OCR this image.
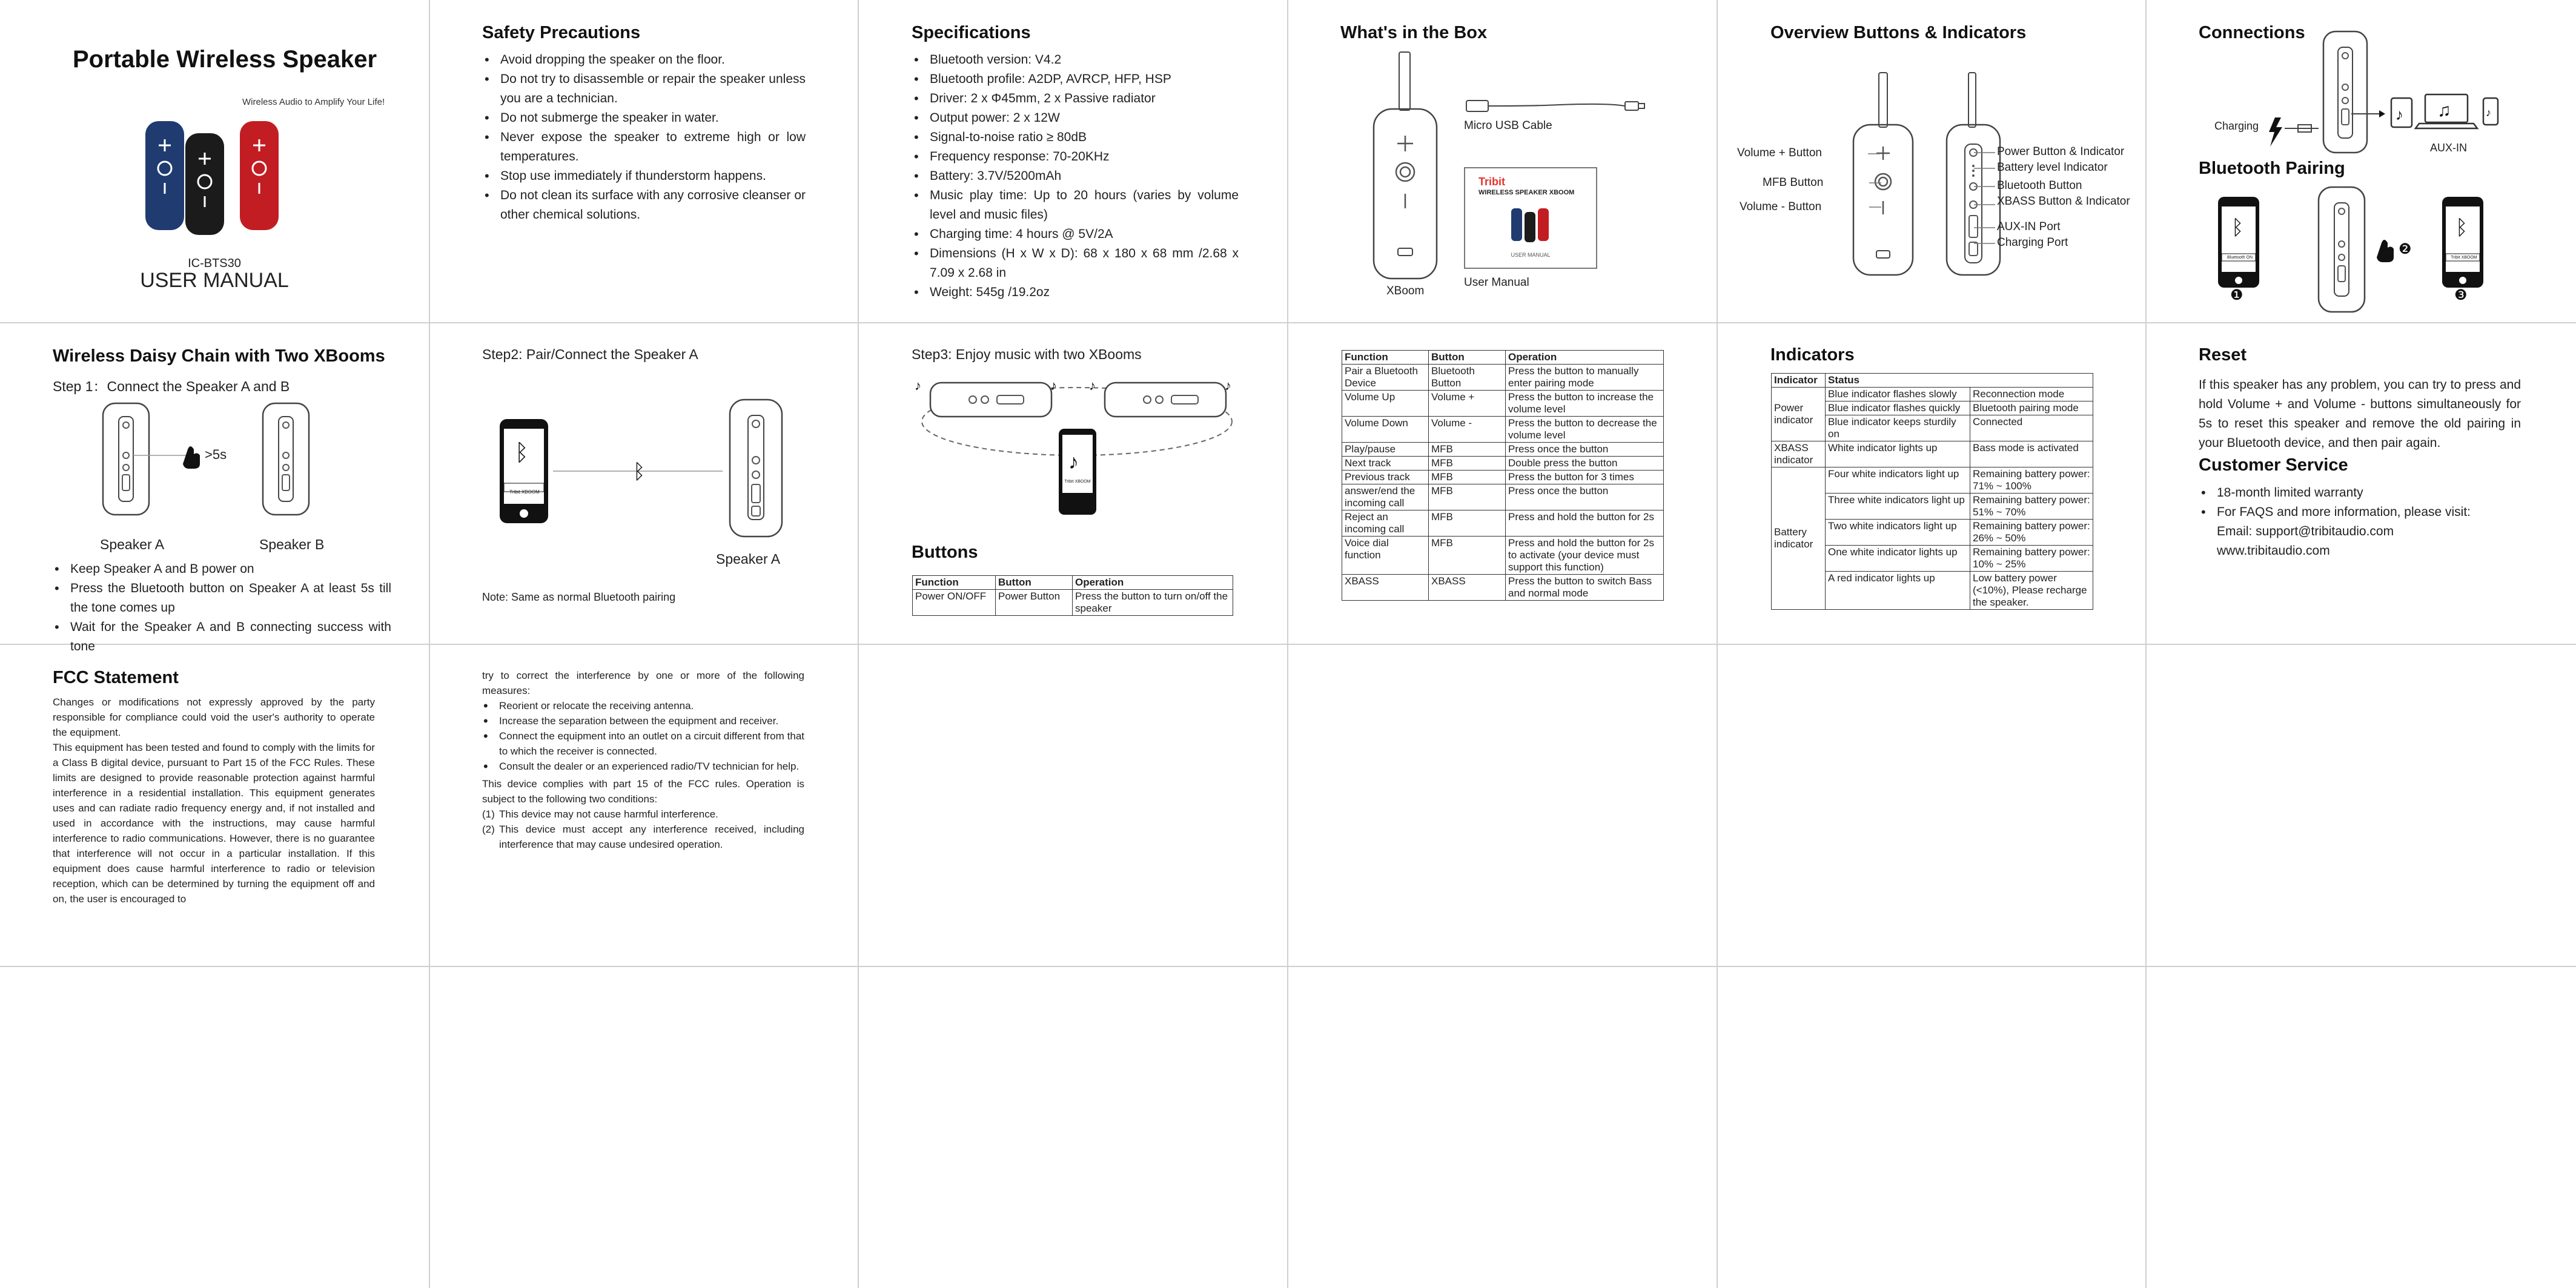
Portable Wireless Speaker
Wireless Audio to Amplify Your Life!
IC-BTS30
USER MANUAL
Safety Precautions
• Avoid dropping the speaker on the floor.
• Do not try to disassemble or repair the speaker unless you are a technician.
• Do not submerge the speaker in water.
• Never expose the speaker to extreme high or low temperatures.
• Stop use immediately if thunderstorm happens.
• Do not clean its surface with any corrosive cleanser or other chemical solutions.
Specifications
• Bluetooth version: V4.2
• Bluetooth profile: A2DP, AVRCP, HFP, HSP
• Driver: 2 x Φ45mm, 2 x Passive radiator
• Output power: 2 x 12W
• Signal-to-noise ratio ≥ 80dB
• Frequency response: 70-20KHz
• Battery: 3.7V/5200mAh
• Music play time: Up to 20 hours (varies by volume level and music files)
• Charging time: 4 hours @ 5V/2A
• Dimensions (H x W x D): 68 x 180 x 68 mm /2.68 x 7.09 x 2.68 in
• Weight: 545g /19.2oz
What's in the Box
XBoom
Micro USB Cable
Tribit
WIRELESS SPEAKER XBOOM
USER MANUAL
User Manual
Overview Buttons & Indicators
Volume + Button
MFB Button
Volume - Button
Power Button & Indicator
Battery level Indicator
Bluetooth Button
XBASS Button & Indicator
AUX-IN Port
Charging Port
Connections
Charging
♪ ♫	♪
AUX-IN
Bluetooth Pairing
ᛒ
❶
❷
ᛒ
❸
Bluetooth ON	Tribit XBOOM
Wireless Daisy Chain with Two XBooms
Step 1：Connect the Speaker A and B
>5s
Speaker A	Speaker B
• Keep Speaker A and B power on
• Press the Bluetooth button on Speaker A at least 5s till the tone comes up
• Wait for the Speaker A and B connecting success with tone
Step2: Pair/Connect the Speaker A
ᛒ
ᛒ
Tribit XBOOM
Speaker A
Note: Same as normal Bluetooth pairing
Step3: Enjoy music with two XBooms
♪	♪ ♪	♪
♪
Tribit XBOOM
Buttons
Function	Button	Operation
Power ON/OFF	Power Button	Press the button to turn on/off the speaker
Function	Button	Operation
Pair a Bluetooth Device	Bluetooth Button	Press the button to manually enter pairing mode
Volume Up	Volume +	Press the button to increase the volume level
Volume Down	Volume -	Press the button to decrease the volume level
Play/pause	MFB	Press once the button
Next track	MFB	Double press the button
Previous track	MFB	Press the button for 3 times
answer/end the incoming call	MFB	Press once the button
Reject an incoming call	MFB	Press and hold the button for 2s
Voice dial function	MFB	Press and hold the button for 2s to activate (your device must support this function)
XBASS	XBASS	Press the button to switch Bass and normal mode
Indicators
Indicator	Status	
Power indicator	Blue indicator flashes slowly	Reconnection mode
	Blue indicator flashes quickly	Bluetooth pairing mode
	Blue indicator keeps sturdily on	Connected
XBASS indicator	White indicator lights up	Bass mode is activated
Battery indicator	Four white indicators light up	Remaining battery power: 71% ~ 100%
	Three white indicators light up	Remaining battery power: 51% ~ 70%
	Two white indicators light up	Remaining battery power: 26% ~ 50%
	One white indicator lights up	Remaining battery power: 10% ~ 25%
	A red indicator lights up	Low battery power (<10%), Please recharge the speaker.
Reset

If this speaker has any problem, you can try to press and hold Volume + and Volume - buttons simultaneously for 5s to reset this speaker and remove the old pairing in your Bluetooth device, and then pair again.

Customer Service
• 18-month limited warranty
• For FAQS and more information, please visit:
Email: support@tribitaudio.com
www.tribitaudio.com
FCC Statement

Changes or modifications not expressly approved by the party responsible for compliance could void the user's authority to operate the equipment.

This equipment has been tested and found to comply with the limits for a Class B digital device, pursuant to Part 15 of the FCC Rules. These limits are designed to provide reasonable protection against harmful interference in a residential installation. This equipment generates uses and can radiate radio frequency energy and, if not installed and used in accordance with the instructions, may cause harmful interference to radio communications. However, there is no guarantee that interference will not occur in a particular installation. If this equipment does cause harmful interference to radio or television reception, which can be determined by turning the equipment off and on, the user is encouraged to

try to correct the interference by one or more of the following measures:

• Reorient or relocate the receiving antenna.
• Increase the separation between the equipment and receiver.
• Connect the equipment into an outlet on a circuit different from that to which the receiver is connected.
• Consult the dealer or an experienced radio/TV technician for help.

This device complies with part 15 of the FCC rules. Operation is subject to the following two conditions:

(1) This device may not cause harmful interference.
(2) This device must accept any interference received, including interference that may cause undesired operation.
